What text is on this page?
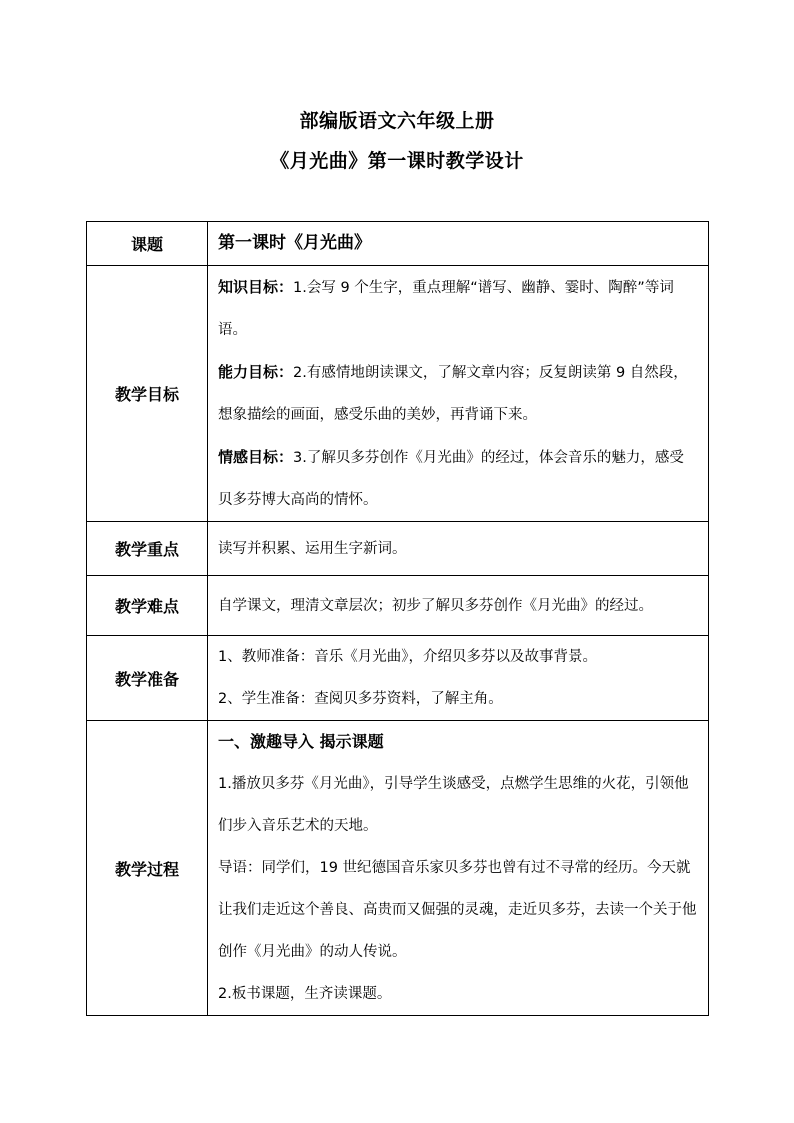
部编版语文六年级上册
《月光曲》第一课时教学设计
课题	第一课时《月光曲》
教学目标	知识目标：1.会写 9 个生字，重点理解“谱写、幽静、霎时、陶醉”等词语。
能力目标：2.有感情地朗读课文，了解文章内容；反复朗读第 9 自然段，想象描绘的画面，感受乐曲的美妙，再背诵下来。
情感目标：3.了解贝多芬创作《月光曲》的经过，体会音乐的魅力，感受贝多芬博大高尚的情怀。

教学重点	读写并积累、运用生字新词。
教学难点	自学课文，理清文章层次；初步了解贝多芬创作《月光曲》的经过。
教学准备	1、教师准备：音乐《月光曲》，介绍贝多芬以及故事背景。
2、学生准备：查阅贝多芬资料，了解主角。

教学过程	一、激趣导入 揭示课题
1.播放贝多芬《月光曲》，引导学生谈感受，点燃学生思维的火花，引领他们步入音乐艺术的天地。
导语：同学们，19 世纪德国音乐家贝多芬也曾有过不寻常的经历。今天就让我们走近这个善良、高贵而又倔强的灵魂，走近贝多芬，去读一个关于他创作《月光曲》的动人传说。
2.板书课题，生齐读课题。
